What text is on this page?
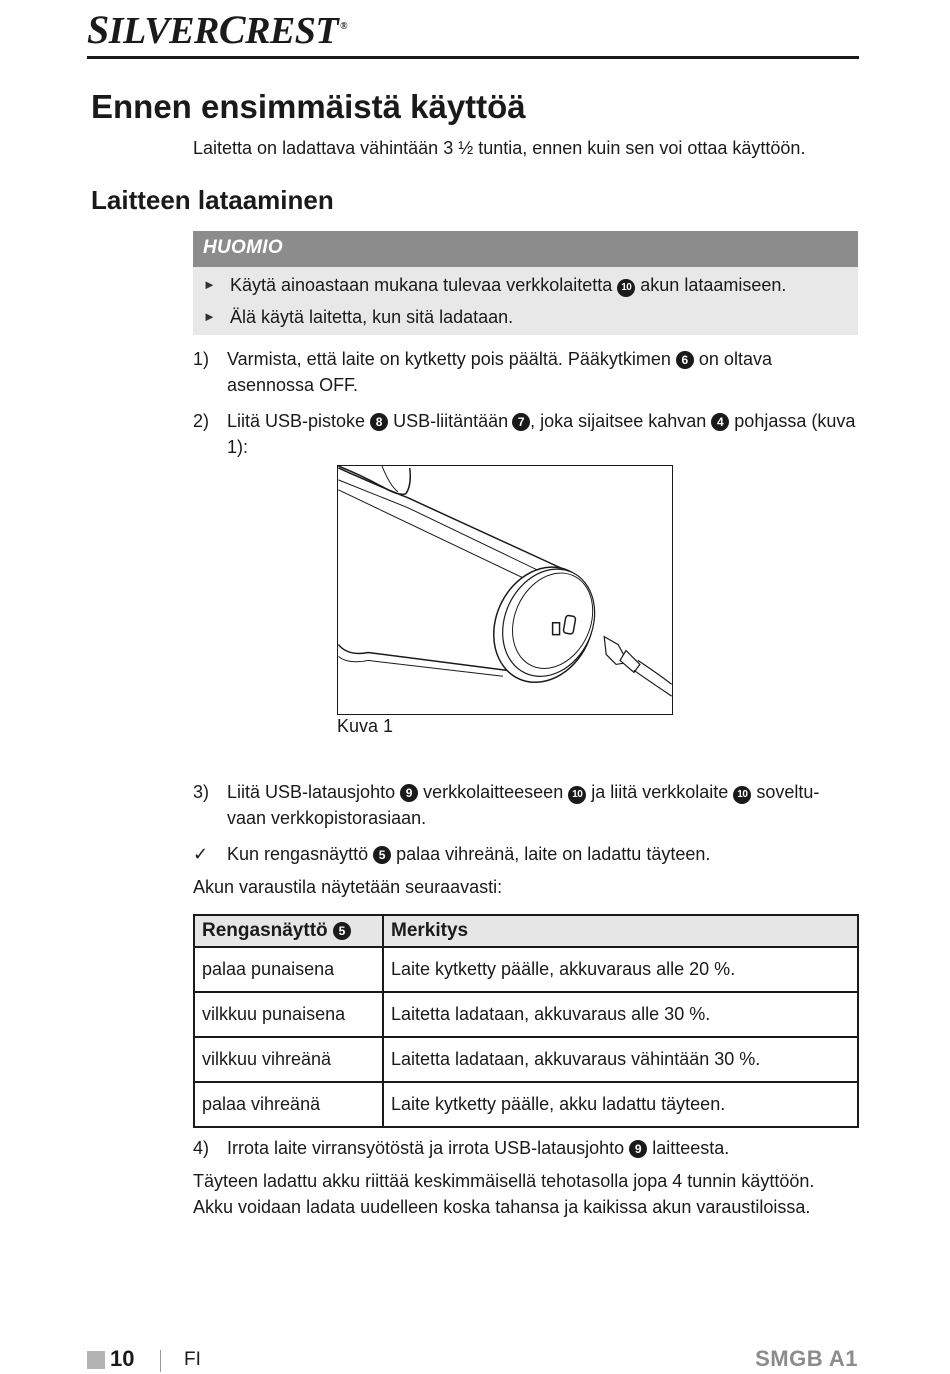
SILVERCREST ®
Ennen ensimmäistä käyttöä
Laitetta on ladattava vähintään 3 ½ tuntia, ennen kuin sen voi ottaa käyttöön.
Laitteen lataaminen
HUOMIO
► Käytä ainoastaan mukana tulevaa verkkolaitetta 10 akun lataamiseen.
► Älä käytä laitetta, kun sitä ladataan.
1) Varmista, että laite on kytketty pois päältä. Pääkytkimen 6 on oltava asennossa OFF.
2) Liitä USB-pistoke 8 USB-liitäntään 7 , joka sijaitsee kahvan 4 pohjassa (kuva 1):
Kuva 1
3) Liitä USB-latausjohto 9 verkkolaitteeseen 10 ja liitä verkkolaite 10 soveltu-vaan verkkopistorasiaan.
✓ Kun rengasnäyttö 5 palaa vihreänä, laite on ladattu täyteen.
Akun varaustila näytetään seuraavasti:
Rengasnäyttö 5	Merkitys
palaa punaisena	Laite kytketty päälle, akkuvaraus alle 20 %.
vilkkuu punaisena	Laitetta ladataan, akkuvaraus alle 30 %.
vilkkuu vihreänä	Laitetta ladataan, akkuvaraus vähintään 30 %.
palaa vihreänä	Laite kytketty päälle, akku ladattu täyteen.
4) Irrota laite virransyötöstä ja irrota USB-latausjohto 9 laitteesta.
Täyteen ladattu akku riittää keskimmäisellä tehotasolla jopa 4 tunnin käyttöön.
Akku voidaan ladata uudelleen koska tahansa ja kaikissa akun varaustiloissa.
10	FI	SMGB A1
